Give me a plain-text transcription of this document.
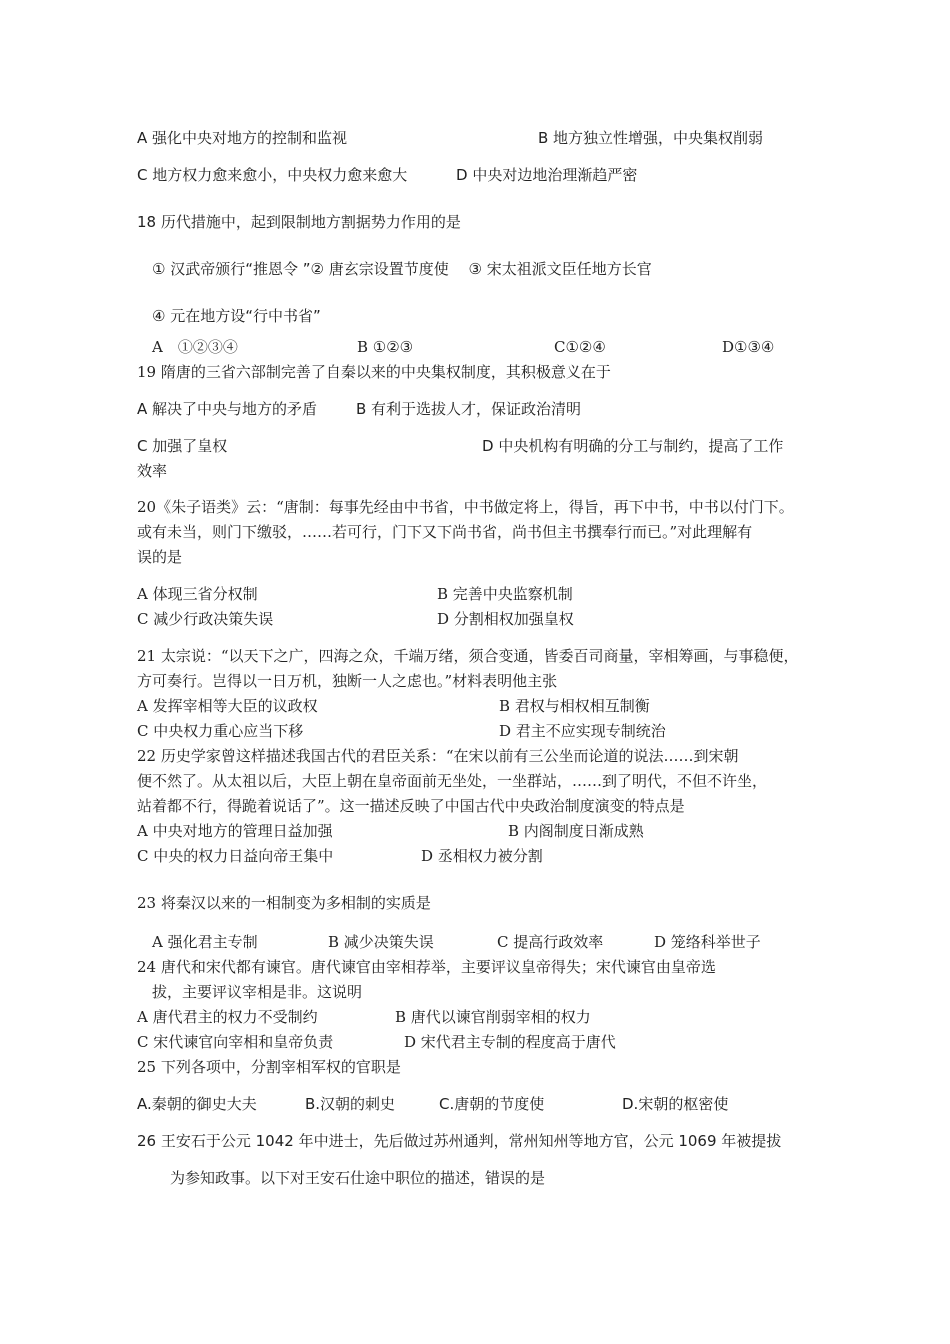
A 强化中央对地方的控制和监视	B 地方独立性增强，中央集权削弱
C 地方权力愈来愈小，中央权力愈来愈大	D 中央对边地治理渐趋严密
18 历代措施中，起到限制地方割据势力作用的是
① 汉武帝颁行“推恩令 ”② 唐玄宗设置节度使　 ③ 宋太祖派文臣任地方长官
④ 元在地方设“行中书省”
A　①②③④	B ①②③	C①②④	D①③④
19 隋唐的三省六部制完善了自秦以来的中央集权制度，其积极意义在于
A 解决了中央与地方的矛盾	B 有利于选拔人才，保证政治清明
C 加强了皇权	D 中央机构有明确的分工与制约，提高了工作
效率
20《朱子语类》云：“唐制：每事先经由中书省，中书做定将上，得旨，再下中书，中书以付门下。
或有未当，则门下缴驳，……若可行，门下又下尚书省，尚书但主书撰奉行而已。”对此理解有
误的是
A 体现三省分权制	B 完善中央监察机制
C 减少行政决策失误	D 分割相权加强皇权
21 太宗说：“以天下之广，四海之众，千端万绪，须合变通，皆委百司商量，宰相筹画，与事稳便，
方可奏行。岂得以一日万机，独断一人之虑也。”材料表明他主张
A 发挥宰相等大臣的议政权	B 君权与相权相互制衡
C 中央权力重心应当下移	D 君主不应实现专制统治
22 历史学家曾这样描述我国古代的君臣关系：“在宋以前有三公坐而论道的说法……到宋朝
便不然了。从太祖以后，大臣上朝在皇帝面前无坐处，一坐群站，……到了明代，不但不许坐，
站着都不行，得跪着说话了”。这一描述反映了中国古代中央政治制度演变的特点是
A 中央对地方的管理日益加强	B 内阁制度日渐成熟
C 中央的权力日益向帝王集中	D 丞相权力被分割
23 将秦汉以来的一相制变为多相制的实质是
A 强化君主专制	B 减少决策失误	C 提高行政效率	D 笼络科举世子
24 唐代和宋代都有谏官。唐代谏官由宰相荐举，主要评议皇帝得失；宋代谏官由皇帝选
拔，主要评议宰相是非。这说明
A 唐代君主的权力不受制约	B 唐代以谏官削弱宰相的权力
C 宋代谏官向宰相和皇帝负责	D 宋代君主专制的程度高于唐代
25 下列各项中，分割宰相军权的官职是
A.秦朝的御史大夫	B.汉朝的刺史	C.唐朝的节度使	D.宋朝的枢密使
26 王安石于公元 1042 年中进士，先后做过苏州通判，常州知州等地方官，公元 1069 年被提拔
为参知政事。以下对王安石仕途中职位的描述，错误的是
